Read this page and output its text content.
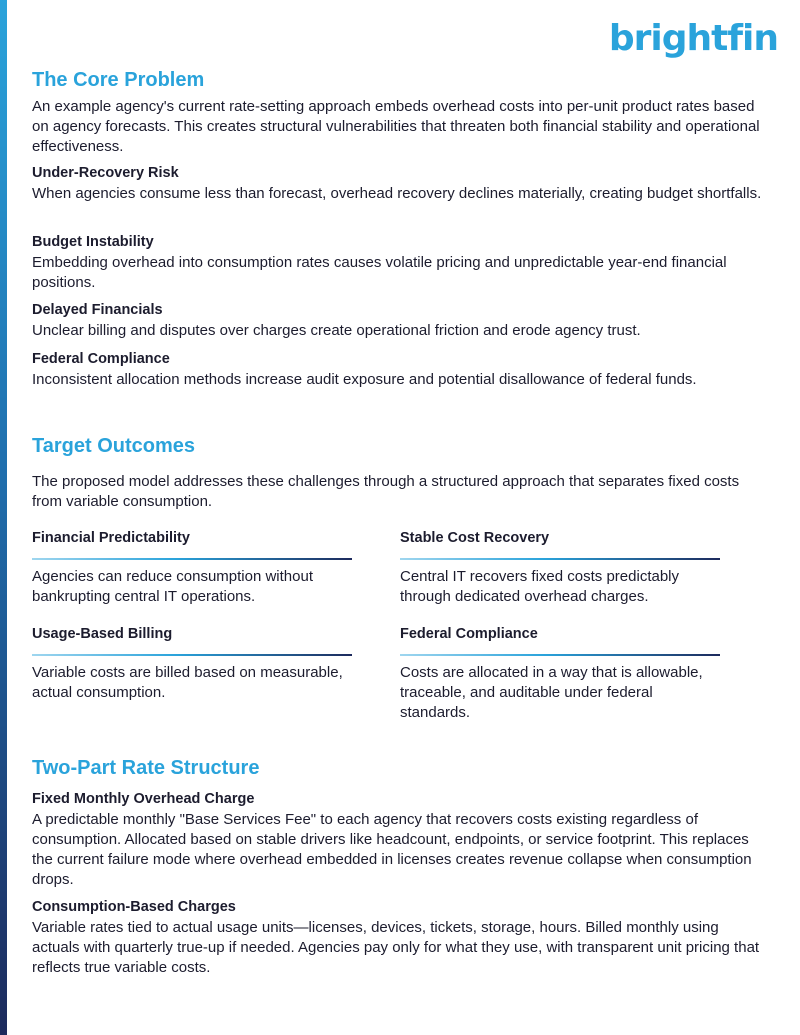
brightfin
The Core Problem

An example agency's current rate-setting approach embeds overhead costs into per-unit product rates based on agency forecasts. This creates structural vulnerabilities that threaten both financial stability and operational effectiveness.

Under-Recovery Risk

When agencies consume less than forecast, overhead recovery declines materially, creating budget shortfalls.

Budget Instability

Embedding overhead into consumption rates causes volatile pricing and unpredictable year-end financial positions.

Delayed Financials

Unclear billing and disputes over charges create operational friction and erode agency trust.

Federal Compliance

Inconsistent allocation methods increase audit exposure and potential disallowance of federal funds.

Target Outcomes

The proposed model addresses these challenges through a structured approach that separates fixed costs from variable consumption.

Financial Predictability
Agencies can reduce consumption without bankrupting central IT operations.
Stable Cost Recovery
Central IT recovers fixed costs predictably through dedicated overhead charges.
Usage-Based Billing
Variable costs are billed based on measurable, actual consumption.
Federal Compliance
Costs are allocated in a way that is allowable, traceable, and auditable under federal standards.
Two-Part Rate Structure
Fixed Monthly Overhead Charge

A predictable monthly "Base Services Fee" to each agency that recovers costs existing regardless of consumption. Allocated based on stable drivers like headcount, endpoints, or service footprint. This replaces the current failure mode where overhead embedded in licenses creates revenue collapse when consumption drops.

Consumption-Based Charges

Variable rates tied to actual usage units—licenses, devices, tickets, storage, hours. Billed monthly using actuals with quarterly true-up if needed. Agencies pay only for what they use, with transparent unit pricing that reflects true variable costs.
